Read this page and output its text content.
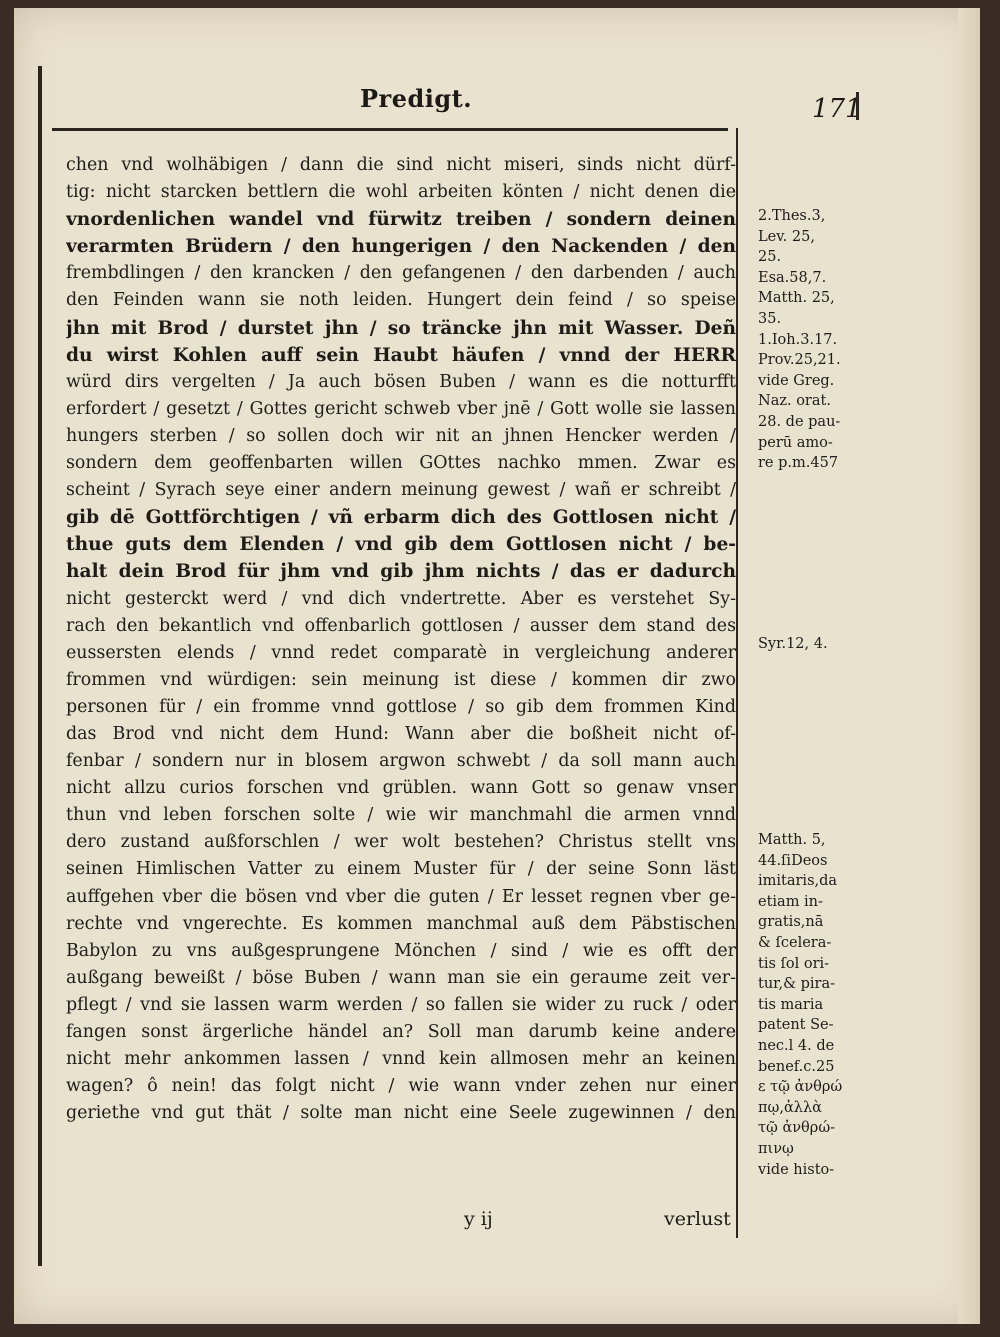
Predigt.	171
chen vnd wolhäbigen / dann die sind nicht miseri, sinds nicht dürf-
tig: nicht starcken bettlern die wohl arbeiten könten / nicht denen die
vnordenlichen wandel vnd fürwitz treiben / sondern deinen
verarmten Brüdern / den hungerigen / den Nackenden / den
frembdlingen / den krancken / den gefangenen / den darbenden / auch
den Feinden wann sie noth leiden. Hungert dein feind / so speise
jhn mit Brod / durstet jhn / so träncke jhn mit Wasser. Deñ
du wirst Kohlen auff sein Haubt häufen / vnnd der HERR
würd dirs vergelten / Ja auch bösen Buben / wann es die notturfft
erfordert / gesetzt / Gottes gericht schweb vber jnē / Gott wolle sie lassen
hungers sterben / so sollen doch wir nit an jhnen Hencker werden /
sondern dem geoffenbarten willen GOttes nachko mmen. Zwar es
scheint / Syrach seye einer andern meinung gewest / wañ er schreibt /
gib dē Gottförchtigen / vñ erbarm dich des Gottlosen nicht /
thue guts dem Elenden / vnd gib dem Gottlosen nicht / be-
halt dein Brod für jhm vnd gib jhm nichts / das er dadurch
nicht gesterckt werd / vnd dich vndertrette. Aber es verstehet Sy-
rach den bekantlich vnd offenbarlich gottlosen / ausser dem stand des
eussersten elends / vnnd redet comparatè in vergleichung anderer
frommen vnd würdigen: sein meinung ist diese / kommen dir zwo
personen für / ein fromme vnnd gottlose / so gib dem frommen Kind
das Brod vnd nicht dem Hund: Wann aber die boßheit nicht of-
fenbar / sondern nur in blosem argwon schwebt / da soll mann auch
nicht allzu curios forschen vnd grüblen. wann Gott so genaw vnser
thun vnd leben forschen solte / wie wir manchmahl die armen vnnd
dero zustand außforschlen / wer wolt bestehen? Christus stellt vns
seinen Himlischen Vatter zu einem Muster für / der seine Sonn läst
auffgehen vber die bösen vnd vber die guten / Er lesset regnen vber ge-
rechte vnd vngerechte. Es kommen manchmal auß dem Päbstischen
Babylon zu vns außgesprungene Mönchen / sind / wie es offt der
außgang beweißt / böse Buben / wann man sie ein geraume zeit ver-
pflegt / vnd sie lassen warm werden / so fallen sie wider zu ruck / oder
fangen sonst ärgerliche händel an? Soll man darumb keine andere
nicht mehr ankommen lassen / vnnd kein allmosen mehr an keinen
wagen? ô nein! das folgt nicht / wie wann vnder zehen nur einer
geriethe vnd gut thät / solte man nicht eine Seele zugewinnen / den
2.Thes.3,
Lev. 25,
25.
Esa.58,7.
Matth. 25,
35.
1.Ioh.3.17.
Prov.25,21.
vide Greg.
Naz. orat.
28. de pau-
perū amo-
re p.m.457
Syr.12, 4.
Matth. 5,
44.ſiDeos
imitaris,da
etiam in-
gratis,nā
& ſcelera-
tis ſol ori-
tur,& pira-
tis maria
patent Se-
nec.l 4. de
benef.c.25
ε τῷ ἀνθρώ
πῳ,ἀλλὰ
τῷ ἀνθρώ-
πινῳ
vide histo-
y ij	verlust
